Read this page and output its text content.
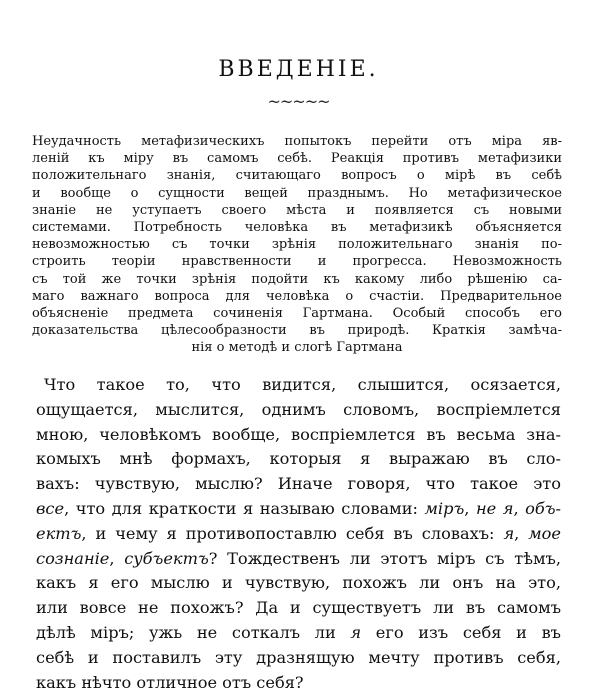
ВВЕДЕНІЕ.
~~~~~
Неудачность метафизическихъ попытокъ перейти отъ міра яв-
леній къ міру въ самомъ себѣ. Реакція противъ метафизики
положительнаго знанія, считающаго вопросъ о мірѣ въ себѣ
и вообще о сущности вещей празднымъ. Но метафизическое
знаніе не уступаетъ своего мѣста и появляется съ новыми
системами. Потребность человѣка въ метафизикѣ объясняется
невозможностью съ точки зрѣнія положительнаго знанія по-
строить теоріи нравственности и прогресса. Невозможность
съ той же точки зрѣнія подойти къ какому либо рѣшенію са-
маго важнаго вопроса для человѣка о счастіи. Предварительное
объясненіе предмета сочиненія Гартмана. Особый способъ его
доказательства цѣлесообразности въ природѣ. Краткія замѣча-
нія о методѣ и слогѣ Гартмана
Что такое то, что видится, слышится, осязается,
ощущается, мыслится, однимъ словомъ, воспріемлется
мною, человѣкомъ вообще, воспріемлется въ весьма зна-
комыхъ мнѣ формахъ, которыя я выражаю въ сло-
вахъ: чувствую, мыслю? Иначе говоря, что такое это
все, что для краткости я называю словами: міръ, не я, объ-
ектъ, и чему я противопоставлю себя въ словахъ: я, мое
сознаніе, субъектъ? Тождественъ ли этотъ міръ съ тѣмъ,
какъ я его мыслю и чувствую, похожъ ли онъ на это,
или вовсе не похожъ? Да и существуетъ ли въ самомъ
дѣлѣ міръ; ужь не соткалъ ли я его изъ себя и въ
себѣ и поставилъ эту дразнящую мечту противъ себя,
какъ нѣчто отличное отъ себя?
